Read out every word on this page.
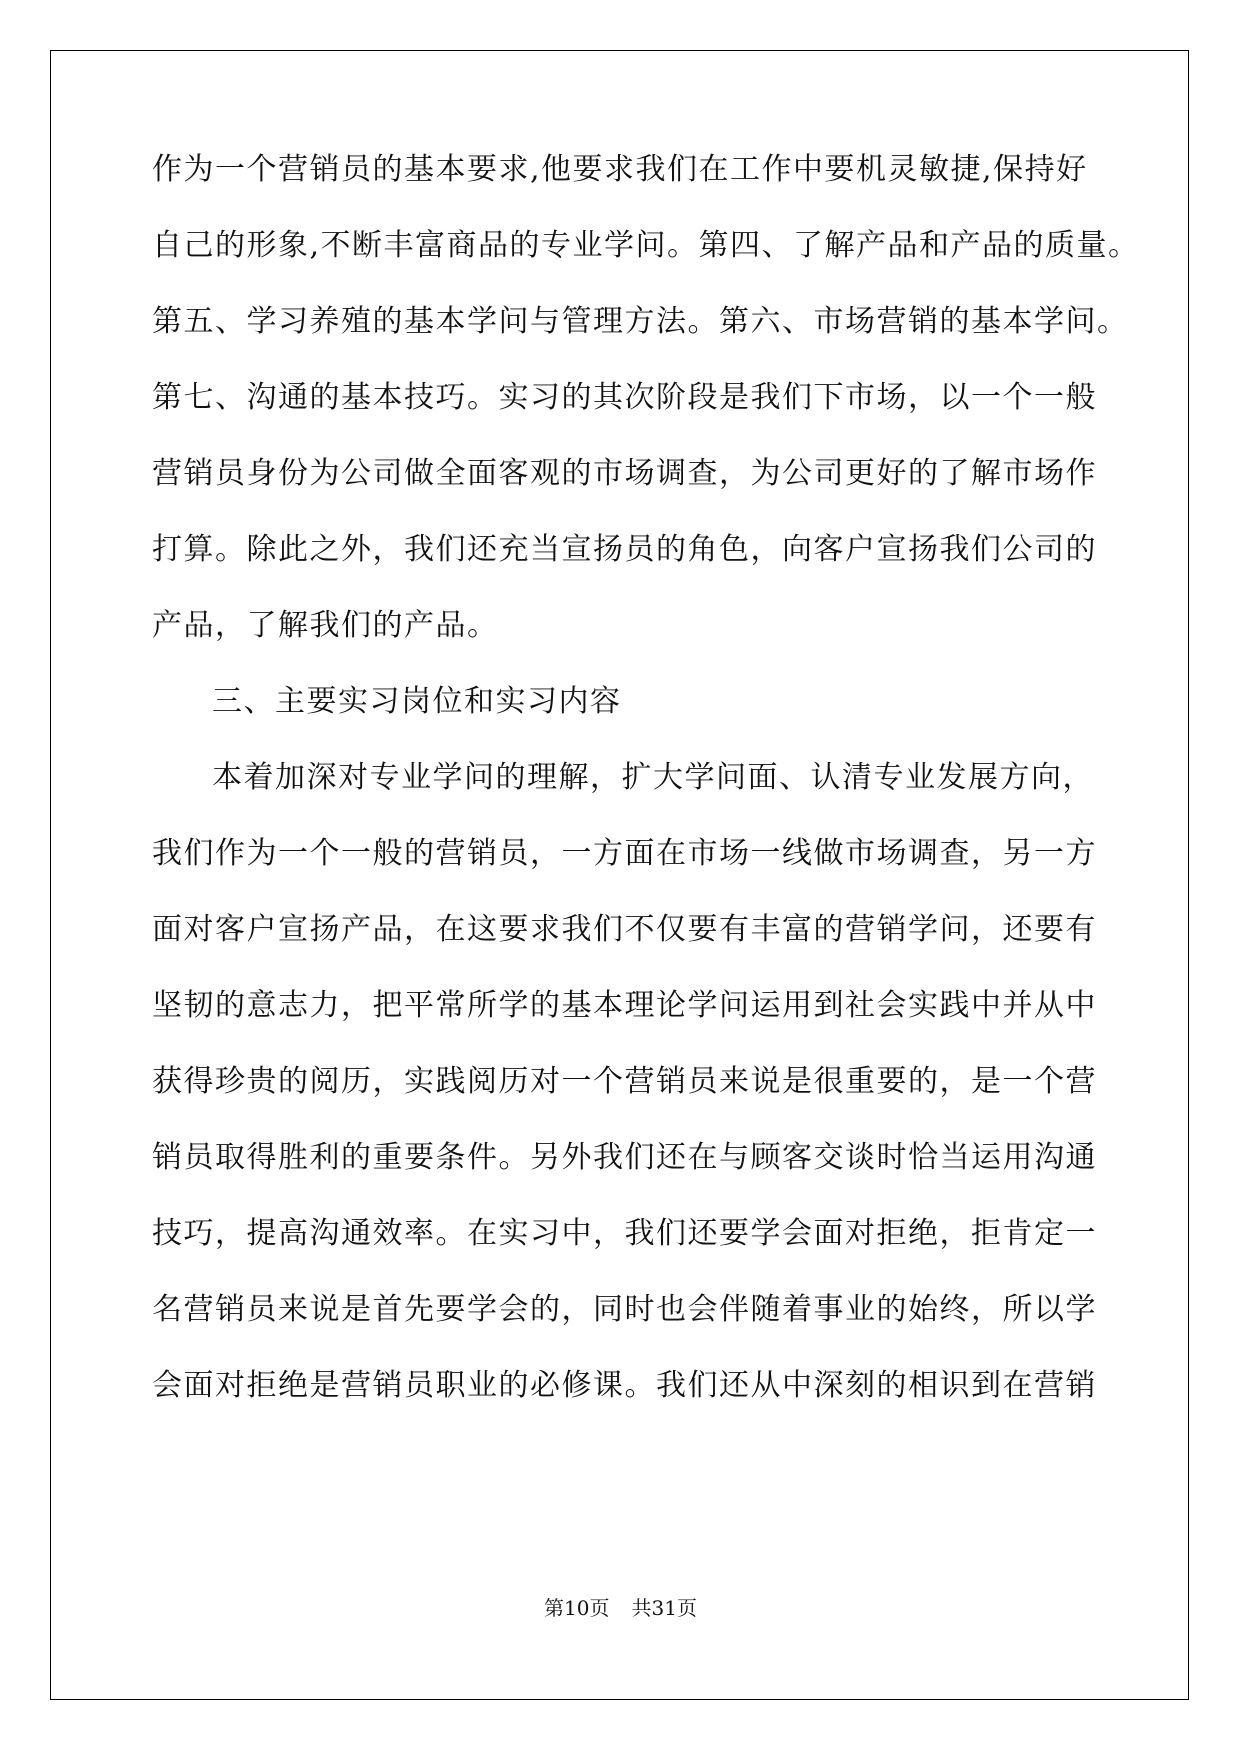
作为一个营销员的基本要求,他要求我们在工作中要机灵敏捷,保持好
自己的形象,不断丰富商品的专业学问。第四、了解产品和产品的质量。
第五、学习养殖的基本学问与管理方法。第六、市场营销的基本学问。
第七、沟通的基本技巧。实习的其次阶段是我们下市场，以一个一般
营销员身份为公司做全面客观的市场调查，为公司更好的了解市场作
打算。除此之外，我们还充当宣扬员的角色，向客户宣扬我们公司的
产品，了解我们的产品。
三、主要实习岗位和实习内容
本着加深对专业学问的理解，扩大学问面、认清专业发展方向，
我们作为一个一般的营销员，一方面在市场一线做市场调查，另一方
面对客户宣扬产品，在这要求我们不仅要有丰富的营销学问，还要有
坚韧的意志力，把平常所学的基本理论学问运用到社会实践中并从中
获得珍贵的阅历，实践阅历对一个营销员来说是很重要的，是一个营
销员取得胜利的重要条件。另外我们还在与顾客交谈时恰当运用沟通
技巧，提高沟通效率。在实习中，我们还要学会面对拒绝，拒肯定一
名营销员来说是首先要学会的，同时也会伴随着事业的始终，所以学
会面对拒绝是营销员职业的必修课。我们还从中深刻的相识到在营销
第10页 共31页
